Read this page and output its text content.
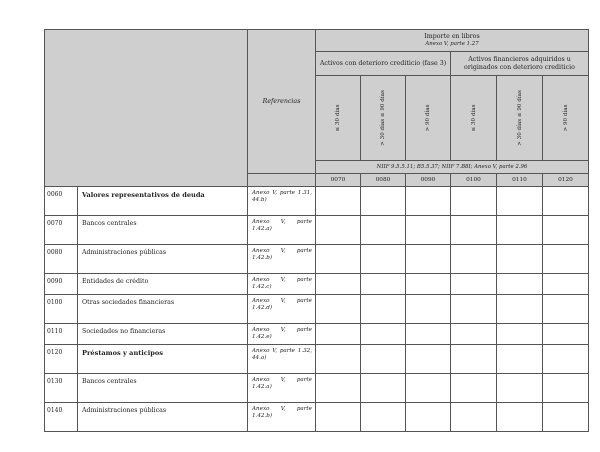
		Referencias	Importe en libros
Anexo V, parte 1.27					

			Activos con deterioro crediticio (fase 3)			Activos financieros adquiridos u originados con deterioro crediticio		

			≤ 30 días	> 30 días ≤ 90 días	> 90 días	≤ 30 días	> 30 días ≤ 90 días	> 90 días

			NIIF 9.5.5.11; B5.5.37; NIIF 7.B8I; Anexo V, parte 2.96					
			0070	0080	0090	0100	0110	0120
0060	Valores representativos de deuda	Anexo V, parte 1.31, 44.b)						
0070	Bancos centrales	Anexo V, parte 1.42.a)						
0080	Administraciones públicas	Anexo V, parte 1.42.b)						
0090	Entidades de crédito	Anexo V, parte 1.42.c)						
0100	Otras sociedades financieras	Anexo V, parte 1.42.d)						
0110	Sociedades no financieras	Anexo V, parte 1.42.e)						
0120	Préstamos y anticipos	Anexo V, parte 1.32, 44.a)						
0130	Bancos centrales	Anexo V, parte 1.42.a)						
0140	Administraciones públicas	Anexo V, parte 1.42.b)						
